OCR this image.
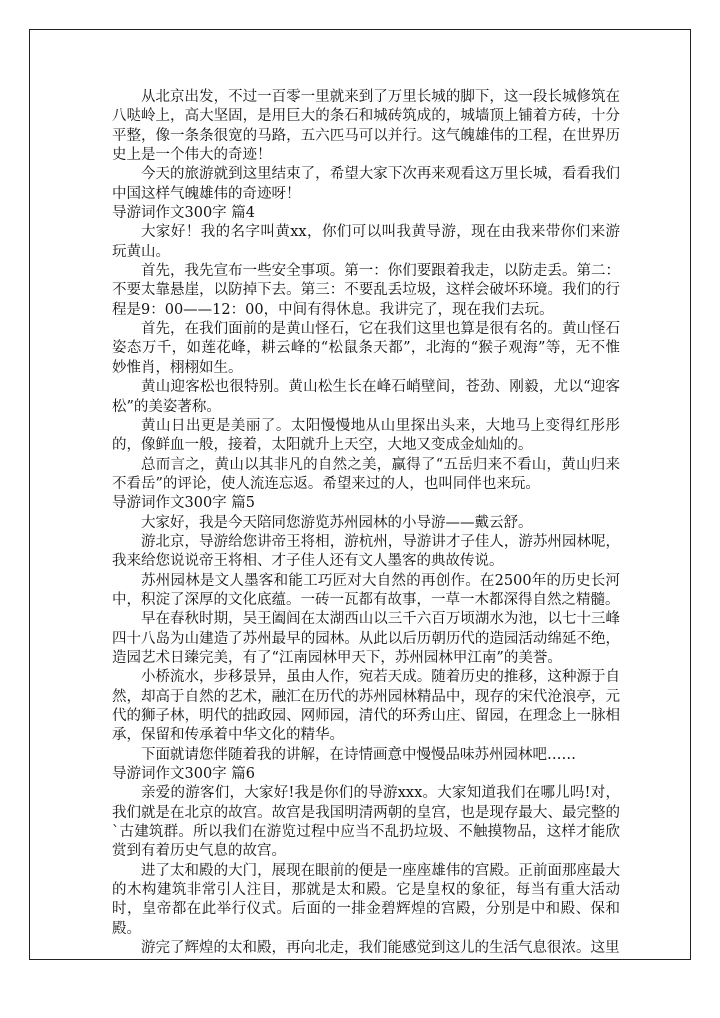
从北京出发，不过一百零一里就来到了万里长城的脚下，这一段长城修筑在八哒岭上，高大坚固，是用巨大的条石和城砖筑成的，城墙顶上铺着方砖，十分平整，像一条条很宽的马路，五六匹马可以并行。这气魄雄伟的工程，在世界历史上是一个伟大的奇迹！

今天的旅游就到这里结束了，希望大家下次再来观看这万里长城，看看我们中国这样气魄雄伟的奇迹呀！

导游词作文300字 篇4

大家好！我的名字叫黄xx，你们可以叫我黄导游，现在由我来带你们来游玩黄山。

首先，我先宣布一些安全事项。第一：你们要跟着我走，以防走丢。第二：不要太靠悬崖，以防掉下去。第三：不要乱丢垃圾，这样会破坏环境。我们的行程是9：00——12：00，中间有得休息。我讲完了，现在我们去玩。

首先，在我们面前的是黄山怪石，它在我们这里也算是很有名的。黄山怪石姿态万千，如莲花峰，耕云峰的“松鼠条天都”，北海的“猴子观海”等，无不惟妙惟肖，栩栩如生。

黄山迎客松也很特别。黄山松生长在峰石峭壁间，苍劲、刚毅，尤以“迎客松”的美姿著称。

黄山日出更是美丽了。太阳慢慢地从山里探出头来，大地马上变得红彤彤的，像鲜血一般，接着，太阳就升上天空，大地又变成金灿灿的。

总而言之，黄山以其非凡的自然之美，赢得了“五岳归来不看山，黄山归来不看岳”的评论，使人流连忘返。希望来过的人，也叫同伴也来玩。

导游词作文300字 篇5

大家好，我是今天陪同您游览苏州园林的小导游——戴云舒。

游北京，导游给您讲帝王将相，游杭州，导游讲才子佳人，游苏州园林呢，我来给您说说帝王将相、才子佳人还有文人墨客的典故传说。

苏州园林是文人墨客和能工巧匠对大自然的再创作。在2500年的历史长河中，积淀了深厚的文化底蕴。一砖一瓦都有故事，一草一木都深得自然之精髓。

早在春秋时期，吴王阖闾在太湖西山以三千六百万顷湖水为池，以七十三峰四十八岛为山建造了苏州最早的园林。从此以后历朝历代的造园活动绵延不绝，造园艺术日臻完美，有了“江南园林甲天下，苏州园林甲江南”的美誉。

小桥流水，步移景异，虽由人作，宛若天成。随着历史的推移，这种源于自然，却高于自然的艺术，融汇在历代的苏州园林精品中，现存的宋代沧浪亭，元代的狮子林，明代的拙政园、网师园，清代的环秀山庄、留园，在理念上一脉相承，保留和传承着中华文化的精华。

下面就请您伴随着我的讲解，在诗情画意中慢慢品味苏州园林吧……

导游词作文300字 篇6

亲爱的游客们，大家好!我是你们的导游xxx。大家知道我们在哪儿吗!对，我们就是在北京的故宫。故宫是我国明清两朝的皇宫，也是现存最大、最完整的`古建筑群。所以我们在游览过程中应当不乱扔垃圾、不触摸物品，这样才能欣赏到有着历史气息的故宫。

进了太和殿的大门，展现在眼前的便是一座座雄伟的宫殿。正前面那座最大的木构建筑非常引人注目，那就是太和殿。它是皇权的象征，每当有重大活动时，皇帝都在此举行仪式。后面的一排金碧辉煌的宫殿，分别是中和殿、保和殿。

游完了辉煌的太和殿，再向北走，我们能感觉到这儿的生活气息很浓。这里
